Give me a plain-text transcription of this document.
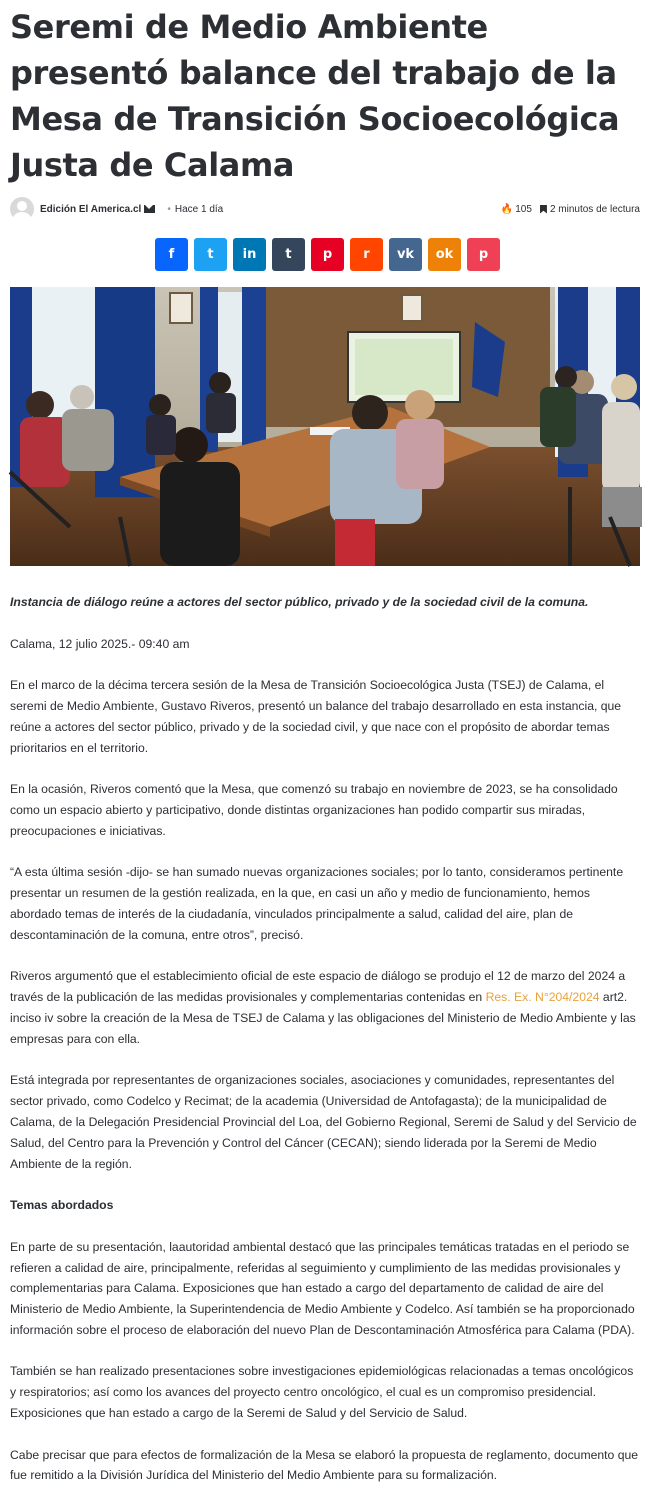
Seremi de Medio Ambiente presentó balance del trabajo de la Mesa de Transición Socioecológica Justa de Calama
Edición El America.cl	• Hace 1 día	🔥 105 2 minutos de lectura
f	t in t p r vk ok p

Instancia de diálogo reúne a actores del sector público, privado y de la sociedad civil de la comuna.

Calama, 12 julio 2025.- 09:40 am

En el marco de la décima tercera sesión de la Mesa de Transición Socioecológica Justa (TSEJ) de Calama, el seremi de Medio Ambiente, Gustavo Riveros, presentó un balance del trabajo desarrollado en esta instancia, que reúne a actores del sector público, privado y de la sociedad civil, y que nace con el propósito de abordar temas prioritarios en el territorio.

En la ocasión, Riveros comentó que la Mesa, que comenzó su trabajo en noviembre de 2023, se ha consolidado como un espacio abierto y participativo, donde distintas organizaciones han podido compartir sus miradas, preocupaciones e iniciativas.

“A esta última sesión -dijo- se han sumado nuevas organizaciones sociales; por lo tanto, consideramos pertinente presentar un resumen de la gestión realizada, en la que, en casi un año y medio de funcionamiento, hemos abordado temas de interés de la ciudadanía, vinculados principalmente a salud, calidad del aire, plan de descontaminación de la comuna, entre otros”, precisó.

Riveros argumentó que el establecimiento oficial de este espacio de diálogo se produjo el 12 de marzo del 2024 a través de la publicación de las medidas provisionales y complementarias contenidas en Res. Ex. N°204/2024 art2. inciso iv sobre la creación de la Mesa de TSEJ de Calama y las obligaciones del Ministerio de Medio Ambiente y las empresas para con ella.

Está integrada por representantes de organizaciones sociales, asociaciones y comunidades, representantes del sector privado, como Codelco y Recimat; de la academia (Universidad de Antofagasta); de la municipalidad de Calama, de la Delegación Presidencial Provincial del Loa, del Gobierno Regional, Seremi de Salud y del Servicio de Salud, del Centro para la Prevención y Control del Cáncer (CECAN); siendo liderada por la Seremi de Medio Ambiente de la región.

Temas abordados

En parte de su presentación, laautoridad ambiental destacó que las principales temáticas tratadas en el periodo se refieren a calidad de aire, principalmente, referidas al seguimiento y cumplimiento de las medidas provisionales y complementarias para Calama. Exposiciones que han estado a cargo del departamento de calidad de aire del Ministerio de Medio Ambiente, la Superintendencia de Medio Ambiente y Codelco. Así también se ha proporcionado información sobre el proceso de elaboración del nuevo Plan de Descontaminación Atmosférica para Calama (PDA).

También se han realizado presentaciones sobre investigaciones epidemiológicas relacionadas a temas oncológicos y respiratorios; así como los avances del proyecto centro oncológico, el cual es un compromiso presidencial. Exposiciones que han estado a cargo de la Seremi de Salud y del Servicio de Salud.

Cabe precisar que para efectos de formalización de la Mesa se elaboró la propuesta de reglamento, documento que fue remitido a la División Jurídica del Ministerio del Medio Ambiente para su formalización.
